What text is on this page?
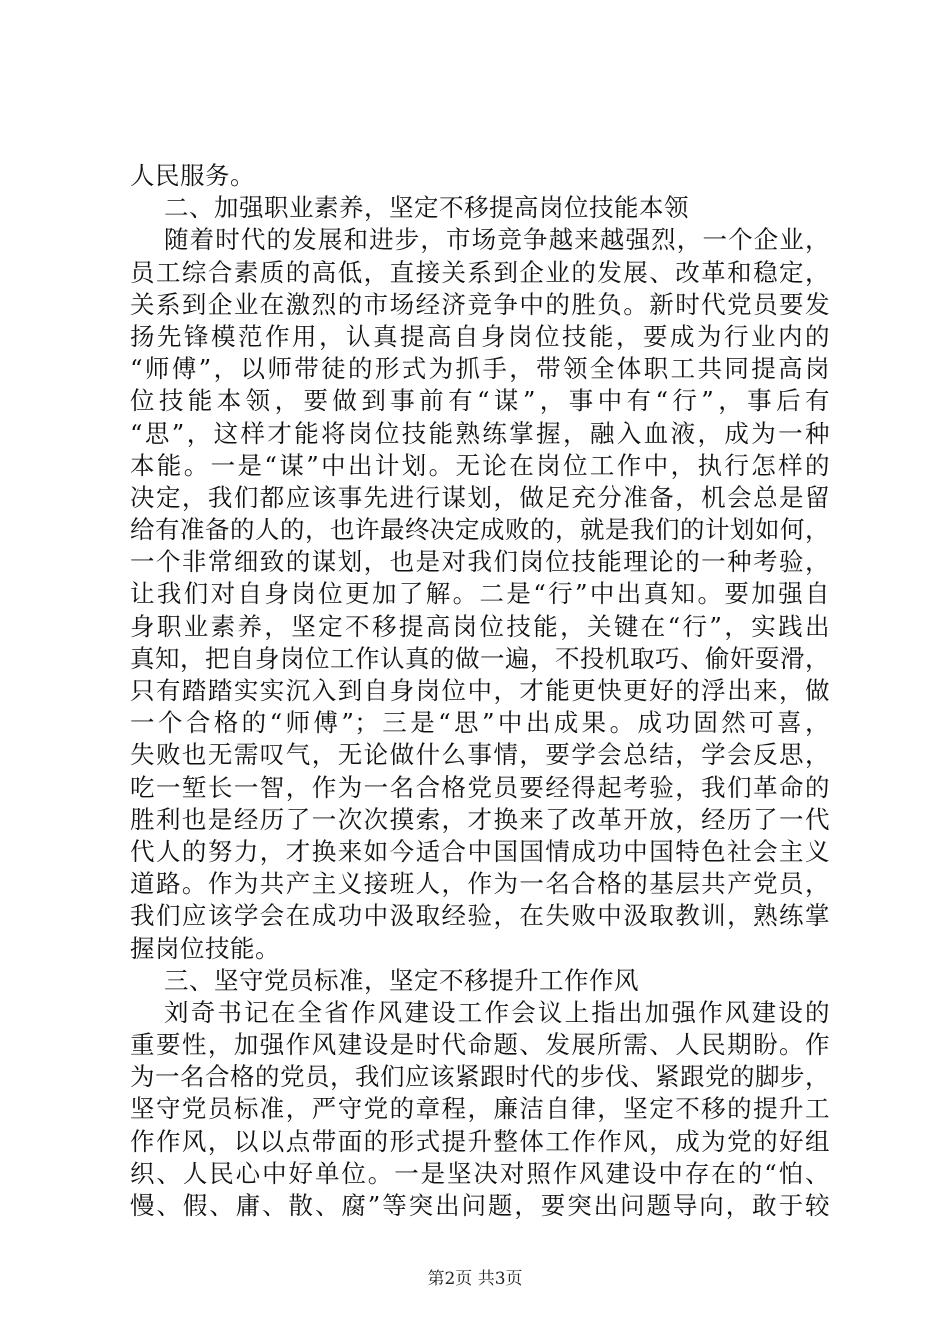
人民服务。
二、加强职业素养，坚定不移提高岗位技能本领
随着时代的发展和进步，市场竞争越来越强烈，一个企业，
员工综合素质的高低，直接关系到企业的发展、改革和稳定，
关系到企业在激烈的市场经济竞争中的胜负。新时代党员要发
扬先锋模范作用，认真提高自身岗位技能，要成为行业内的
“师傅”，以师带徒的形式为抓手，带领全体职工共同提高岗
位技能本领，要做到事前有“谋”，事中有“行”，事后有
“思”，这样才能将岗位技能熟练掌握，融入血液，成为一种
本能。一是“谋”中出计划。无论在岗位工作中，执行怎样的
决定，我们都应该事先进行谋划，做足充分准备，机会总是留
给有准备的人的，也许最终决定成败的，就是我们的计划如何，
一个非常细致的谋划，也是对我们岗位技能理论的一种考验，
让我们对自身岗位更加了解。二是“行”中出真知。要加强自
身职业素养，坚定不移提高岗位技能，关键在“行”，实践出
真知，把自身岗位工作认真的做一遍，不投机取巧、偷奸耍滑，
只有踏踏实实沉入到自身岗位中，才能更快更好的浮出来，做
一个合格的“师傅”；三是“思”中出成果。成功固然可喜，
失败也无需叹气，无论做什么事情，要学会总结，学会反思，
吃一堑长一智，作为一名合格党员要经得起考验，我们革命的
胜利也是经历了一次次摸索，才换来了改革开放，经历了一代
代人的努力，才换来如今适合中国国情成功中国特色社会主义
道路。作为共产主义接班人，作为一名合格的基层共产党员，
我们应该学会在成功中汲取经验，在失败中汲取教训，熟练掌
握岗位技能。
三、坚守党员标准，坚定不移提升工作作风
刘奇书记在全省作风建设工作会议上指出加强作风建设的
重要性，加强作风建设是时代命题、发展所需、人民期盼。作
为一名合格的党员，我们应该紧跟时代的步伐、紧跟党的脚步，
坚守党员标准，严守党的章程，廉洁自律，坚定不移的提升工
作作风，以以点带面的形式提升整体工作作风，成为党的好组
织、人民心中好单位。一是坚决对照作风建设中存在的“怕、
慢、假、庸、散、腐”等突出问题，要突出问题导向，敢于较
第2页 共3页
